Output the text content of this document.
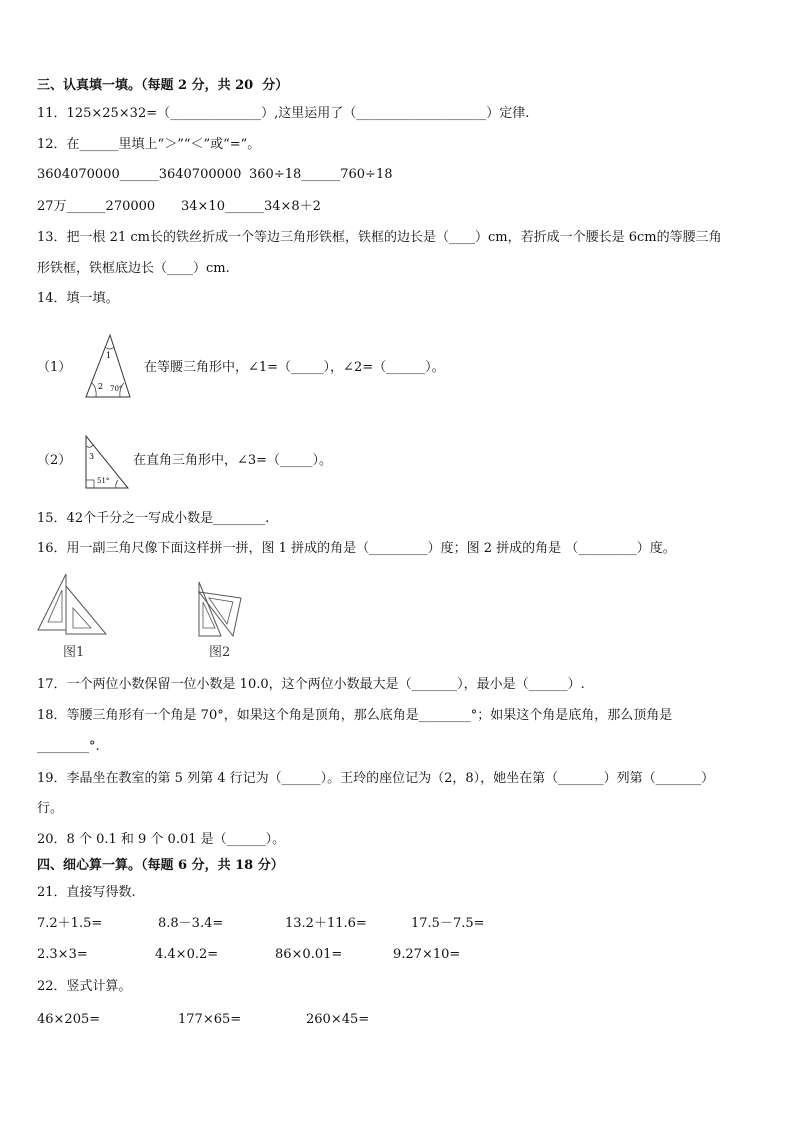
三、认真填一填。（每题 2 分，共 20  分）
11．125×25×32=（______________）,这里运用了（____________________）定律.
12．在______里填上“＞”“＜”或“=”。
3604070000______3640700000 360÷18______760÷18
27万______270000 34×10______34×8＋2
13．把一根 21 cm长的铁丝折成一个等边三角形铁框，铁框的边长是（____）cm，若折成一个腰长是 6cm的等腰三角
形铁框，铁框底边长（____）cm.
14．填一填。
（1）
1
2 70°
在等腰三角形中，∠1=（_____），∠2=（______）。
（2） 3
51°
在直角三角形中，∠3=（_____）。
15．42个千分之一写成小数是________.
16．用一副三角尺像下面这样拼一拼，图 1 拼成的角是（_________）度；图 2 拼成的角是 （_________）度。
图1	图2
17．一个两位小数保留一位小数是 10.0，这个两位小数最大是（_______），最小是（______）.
18．等腰三角形有一个角是 70°，如果这个角是顶角，那么底角是________°；如果这个角是底角，那么顶角是
________°.
19．李晶坐在教室的第 5 列第 4 行记为（______）。王玲的座位记为（2，8），她坐在第（_______）列第（_______）
行。
20．8 个 0.1 和 9 个 0.01 是（______）。
四、细心算一算。（每题 6 分，共 18 分）
21．直接写得数.
7.2＋1.5=	8.8－3.4=	13.2＋11.6=	17.5－7.5=
2.3×3=	4.4×0.2=	86×0.01=	9.27×10=
22．竖式计算。
46×205=	177×65=	260×45=
